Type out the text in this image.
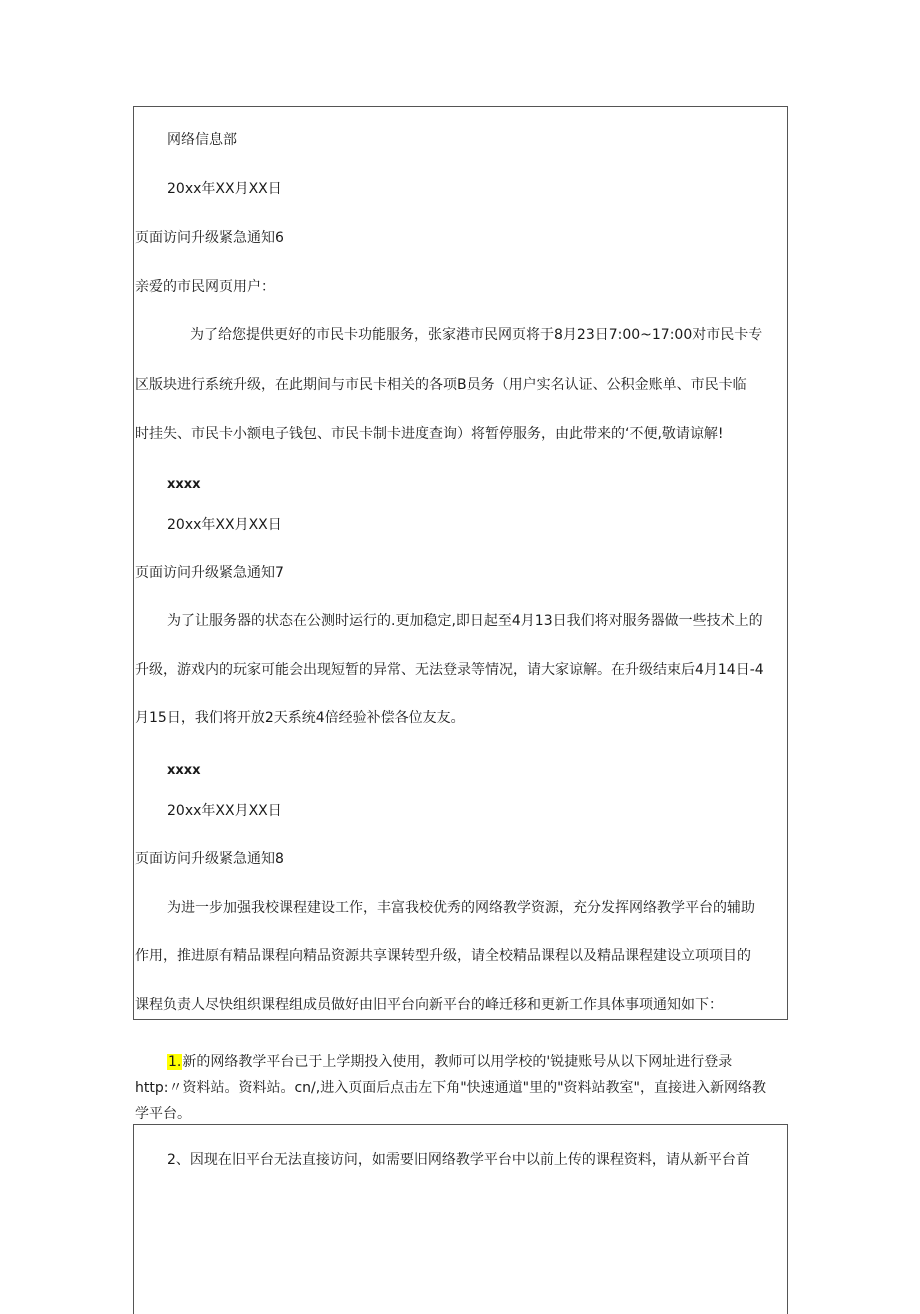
网络信息部
20xx年XX月XX日
页面访问升级紧急通知6
亲爱的市民网页用户：
为了给您提供更好的市民卡功能服务，张家港市民网页将于8月23日7:00~17:00对市民卡专
区版块进行系统升级，在此期间与市民卡相关的各项B员务（用户实名认证、公积金账单、市民卡临
时挂失、市民卡小额电子钱包、市民卡制卡进度查询）将暂停服务，由此带来的‘不便,敬请谅解!
xxxx
20xx年XX月XX日
页面访问升级紧急通知7
为了让服务器的状态在公测时运行的.更加稳定,即日起至4月13日我们将对服务器做一些技术上的
升级，游戏内的玩家可能会出现短暂的异常、无法登录等情况，请大家谅解。在升级结束后4月14日-4
月15日，我们将开放2天系统4倍经验补偿各位友友。
xxxx
20xx年XX月XX日
页面访问升级紧急通知8
为进一步加强我校课程建设工作，丰富我校优秀的网络教学资源，充分发挥网络教学平台的辅助
作用，推进原有精品课程向精品资源共享课转型升级，请全校精品课程以及精品课程建设立项项目的
课程负责人尽快组织课程组成员做好由旧平台向新平台的峰迁移和更新工作具体事项通知如下：
1.新的网络教学平台已于上学期投入使用，教师可以用学校的'锐捷账号从以下网址进行登录
http:〃资料站。资料站。cn/,进入页面后点击左下角"快速通道"里的"资料站教室"，直接进入新网络教
学平台。
2、因现在旧平台无法直接访问，如需要旧网络教学平台中以前上传的课程资料，请从新平台首
